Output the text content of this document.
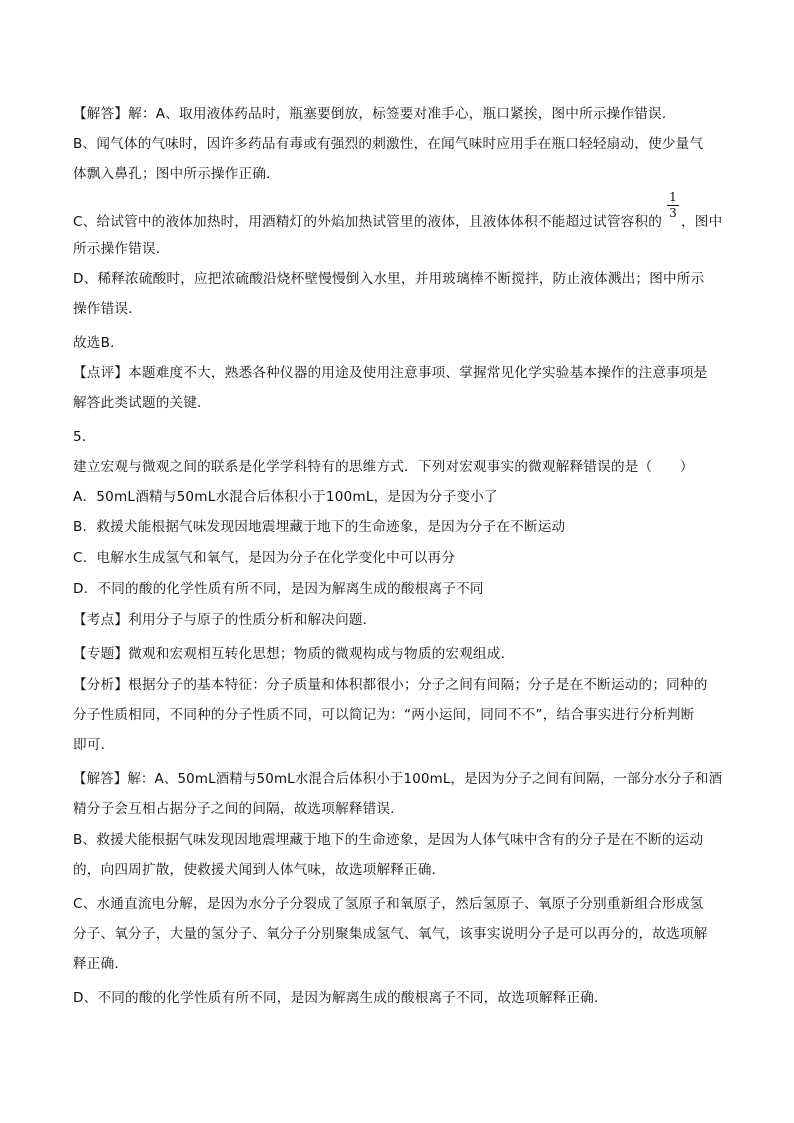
【解答】解：A、取用液体药品时，瓶塞要倒放，标签要对准手心，瓶口紧挨，图中所示操作错误．
B、闻气体的气味时，因许多药品有毒或有强烈的刺激性，在闻气味时应用手在瓶口轻轻扇动，使少量气
体飘入鼻孔；图中所示操作正确．
C、给试管中的液体加热时，用酒精灯的外焰加热试管里的液体，且液体体积不能超过试管容积的
1
3
，图中
所示操作错误．
D、稀释浓硫酸时，应把浓硫酸沿烧杯壁慢慢倒入水里，并用玻璃棒不断搅拌，防止液体溅出；图中所示
操作错误．
故选B．
【点评】本题难度不大，熟悉各种仪器的用途及使用注意事项、掌握常见化学实验基本操作的注意事项是
解答此类试题的关键．
5．
建立宏观与微观之间的联系是化学学科特有的思维方式．下列对宏观事实的微观解释错误的是（　　）
A．50mL酒精与50mL水混合后体积小于100mL，是因为分子变小了
B．救援犬能根据气味发现因地震埋藏于地下的生命迹象，是因为分子在不断运动
C．电解水生成氢气和氧气，是因为分子在化学变化中可以再分
D．不同的酸的化学性质有所不同，是因为解离生成的酸根离子不同
【考点】利用分子与原子的性质分析和解决问题．
【专题】微观和宏观相互转化思想；物质的微观构成与物质的宏观组成．
【分析】根据分子的基本特征：分子质量和体积都很小；分子之间有间隔；分子是在不断运动的；同种的
分子性质相同，不同种的分子性质不同，可以简记为：“两小运间，同同不不”，结合事实进行分析判断
即可．
【解答】解：A、50mL酒精与50mL水混合后体积小于100mL，是因为分子之间有间隔，一部分水分子和酒
精分子会互相占据分子之间的间隔，故选项解释错误．
B、救援犬能根据气味发现因地震埋藏于地下的生命迹象，是因为人体气味中含有的分子是在不断的运动
的，向四周扩散，使救援犬闻到人体气味，故选项解释正确．
C、水通直流电分解，是因为水分子分裂成了氢原子和氧原子，然后氢原子、氧原子分别重新组合形成氢
分子、氧分子，大量的氢分子、氧分子分别聚集成氢气、氧气，该事实说明分子是可以再分的，故选项解
释正确．
D、不同的酸的化学性质有所不同，是因为解离生成的酸根离子不同，故选项解释正确．
